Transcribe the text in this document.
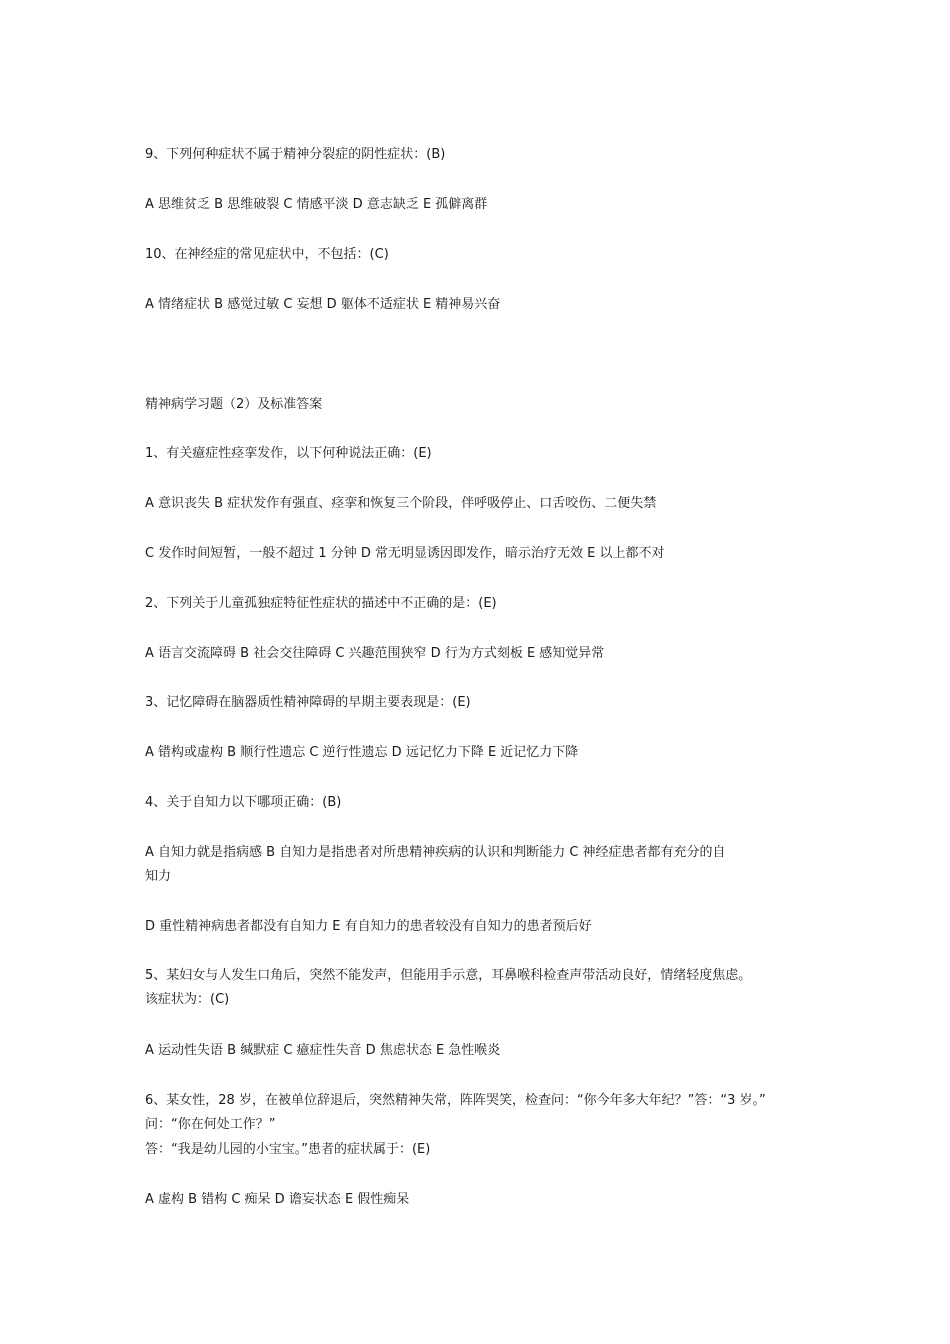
9、下列何种症状不属于精神分裂症的阴性症状：(B)
A 思维贫乏 B 思维破裂 C 情感平淡 D 意志缺乏 E 孤僻离群
10、在神经症的常见症状中，不包括：(C)
A 情绪症状 B 感觉过敏 C 妄想 D 躯体不适症状 E 精神易兴奋
精神病学习题（2）及标准答案
1、有关癔症性痉挛发作，以下何种说法正确：(E)
A 意识丧失 B 症状发作有强直、痉挛和恢复三个阶段，伴呼吸停止、口舌咬伤、二便失禁
C 发作时间短暂，一般不超过 1 分钟 D 常无明显诱因即发作，暗示治疗无效 E 以上都不对
2、下列关于儿童孤独症特征性症状的描述中不正确的是：(E)
A 语言交流障碍 B 社会交往障碍 C 兴趣范围狭窄 D 行为方式刻板 E 感知觉异常
3、记忆障碍在脑器质性精神障碍的早期主要表现是：(E)
A 错构或虚构 B 顺行性遗忘 C 逆行性遗忘 D 远记忆力下降 E 近记忆力下降
4、关于自知力以下哪项正确：(B)
A 自知力就是指病感 B 自知力是指患者对所患精神疾病的认识和判断能力 C 神经症患者都有充分的自
知力
D 重性精神病患者都没有自知力 E 有自知力的患者较没有自知力的患者预后好
5、某妇女与人发生口角后，突然不能发声，但能用手示意，耳鼻喉科检查声带活动良好，情绪轻度焦虑。
该症状为：(C)
A 运动性失语 B 缄默症 C 癔症性失音 D 焦虑状态 E 急性喉炎
6、某女性，28 岁，在被单位辞退后，突然精神失常，阵阵哭笑，检查问：“你今年多大年纪？”答：“3 岁。”
问：“你在何处工作？”
答：“我是幼儿园的小宝宝。”患者的症状属于：(E)
A 虚构 B 错构 C 痴呆 D 谵妄状态 E 假性痴呆
